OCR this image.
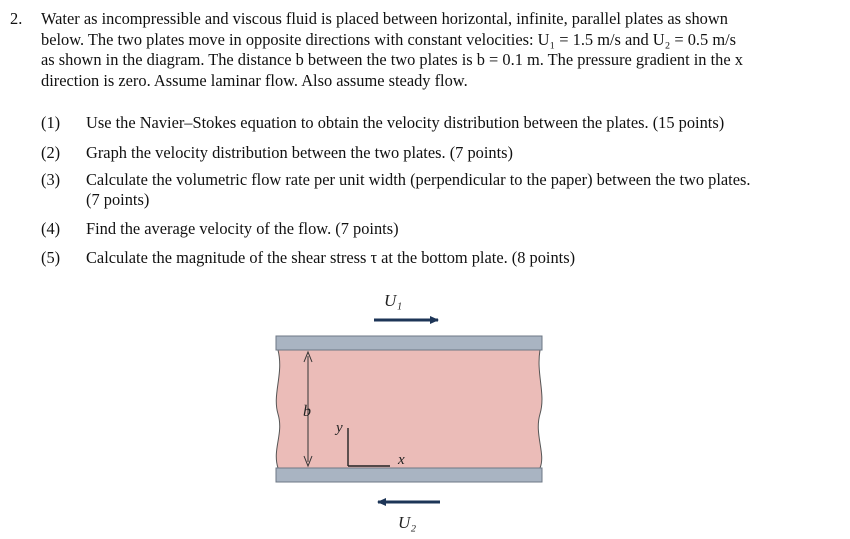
2. Water as incompressible and viscous fluid is placed between horizontal, infinite, parallel plates as shown
below. The two plates move in opposite directions with constant velocities: U₁ = 1.5 m/s and U₂ = 0.5 m/s
as shown in the diagram. The distance b between the two plates is b = 0.1 m. The pressure gradient in the x
direction is zero. Assume laminar flow. Also assume steady flow.
(1) Use the Navier–Stokes equation to obtain the velocity distribution between the plates. (15 points)
(2) Graph the velocity distribution between the two plates. (7 points)
(3) Calculate the volumetric flow rate per unit width (perpendicular to the paper) between the two plates.
(7 points)
(4) Find the average velocity of the flow. (7 points)
(5) Calculate the magnitude of the shear stress τ at the bottom plate. (8 points)
U₁
b
y
x
U₂
